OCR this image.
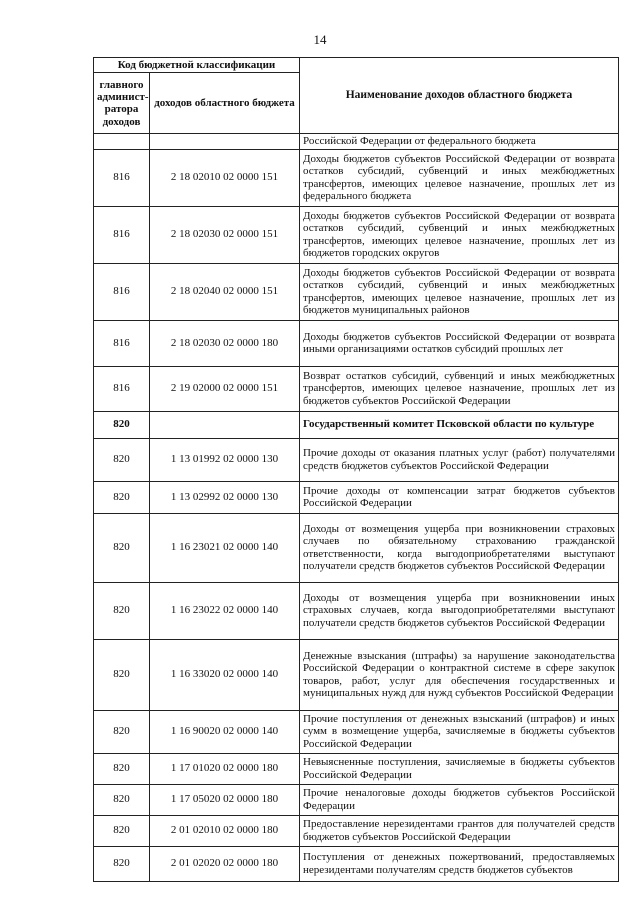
14
Код бюджетной классификации		Наименование доходов областного бюджета
главного админист-ратора доходов	доходов областного бюджета	
		Российской Федерации от федерального бюджета
816	2 18 02010 02 0000 151	Доходы бюджетов субъектов Российской Федерации от возврата остатков субсидий, субвенций и иных межбюджетных трансфертов, имеющих целевое назначение, прошлых лет из федерального бюджета
816	2 18 02030 02 0000 151	Доходы бюджетов субъектов Российской Федерации от возврата остатков субсидий, субвенций и иных межбюджетных трансфертов, имеющих целевое назначение, прошлых лет из бюджетов городских округов
816	2 18 02040 02 0000 151	Доходы бюджетов субъектов Российской Федерации от возврата остатков субсидий, субвенций и иных межбюджетных трансфертов, имеющих целевое назначение, прошлых лет из бюджетов муниципальных районов
816	2 18 02030 02 0000 180	Доходы бюджетов субъектов Российской Федерации от возврата иными организациями остатков субсидий прошлых лет
816	2 19 02000 02 0000 151	Возврат остатков субсидий, субвенций и иных межбюджетных трансфертов, имеющих целевое назначение, прошлых лет из бюджетов субъектов Российской Федерации
820		Государственный комитет Псковской области по культуре
820	1 13 01992 02 0000 130	Прочие доходы от оказания платных услуг (работ) получателями средств бюджетов субъектов Российской Федерации
820	1 13 02992 02 0000 130	Прочие доходы от компенсации затрат бюджетов субъектов Российской Федерации
820	1 16 23021 02 0000 140	Доходы от возмещения ущерба при возникновении страховых случаев по обязательному страхованию гражданской ответственности, когда выгодоприобретателями выступают получатели средств бюджетов субъектов Российской Федерации
820	1 16 23022 02 0000 140	Доходы от возмещения ущерба при возникновении иных страховых случаев, когда выгодоприобретателями выступают получатели средств бюджетов субъектов Российской Федерации
820	1 16 33020 02 0000 140	Денежные взыскания (штрафы) за нарушение законодательства Российской Федерации о контрактной системе в сфере закупок товаров, работ, услуг для обеспечения государственных и муниципальных нужд для нужд субъектов Российской Федерации
820	1 16 90020 02 0000 140	Прочие поступления от денежных взысканий (штрафов) и иных сумм в возмещение ущерба, зачисляемые в бюджеты субъектов Российской Федерации
820	1 17 01020 02 0000 180	Невыясненные поступления, зачисляемые в бюджеты субъектов Российской Федерации
820	1 17 05020 02 0000 180	Прочие неналоговые доходы бюджетов субъектов Российской Федерации
820	2 01 02010 02 0000 180	Предоставление нерезидентами грантов для получателей средств бюджетов субъектов Российской Федерации
820	2 01 02020 02 0000 180	Поступления от денежных пожертвований, предоставляемых нерезидентами получателям средств бюджетов субъектов
